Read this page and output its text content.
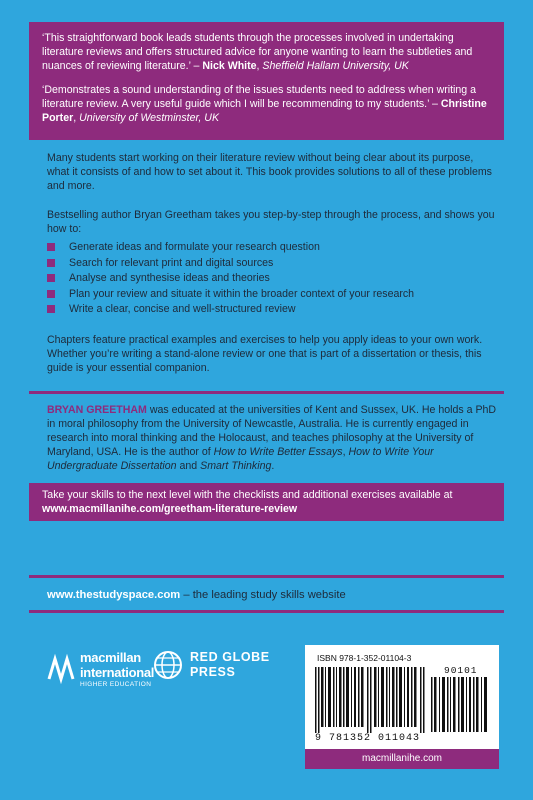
‘This straightforward book leads students through the processes involved in undertaking literature reviews and offers structured advice for anyone wanting to learn the subtleties and nuances of reviewing literature.’ – Nick White, Sheffield Hallam University, UK

‘Demonstrates a sound understanding of the issues students need to address when writing a literature review. A very useful guide which I will be recommending to my students.’ – Christine Porter, University of Westminster, UK

Many students start working on their literature review without being clear about its purpose, what it consists of and how to set about it. This book provides solutions to all of these problems and more.

Bestselling author Bryan Greetham takes you step-by-step through the process, and shows you how to:

Generate ideas and formulate your research question
Search for relevant print and digital sources
Analyse and synthesise ideas and theories
Plan your review and situate it within the broader context of your research
Write a clear, concise and well-structured review

Chapters feature practical examples and exercises to help you apply ideas to your own work. Whether you’re writing a stand-alone review or one that is part of a dissertation or thesis, this guide is your essential companion.

BRYAN GREETHAM was educated at the universities of Kent and Sussex, UK. He holds a PhD in moral philosophy from the University of Newcastle, Australia. He is currently engaged in research into moral thinking and the Holocaust, and teaches philosophy at the University of Maryland, USA. He is the author of How to Write Better Essays, How to Write Your Undergraduate Dissertation and Smart Thinking.

Take your skills to the next level with the checklists and additional exercises available at
www.macmillanihe.com/greetham-literature-review
www.thestudyspace.com – the leading study skills website
macmillan
international
HIGHER EDUCATION
RED GLOBE
PRESS
ISBN 978-1-352-01104-3
9 781352 011043
90101
macmillanihe.com
